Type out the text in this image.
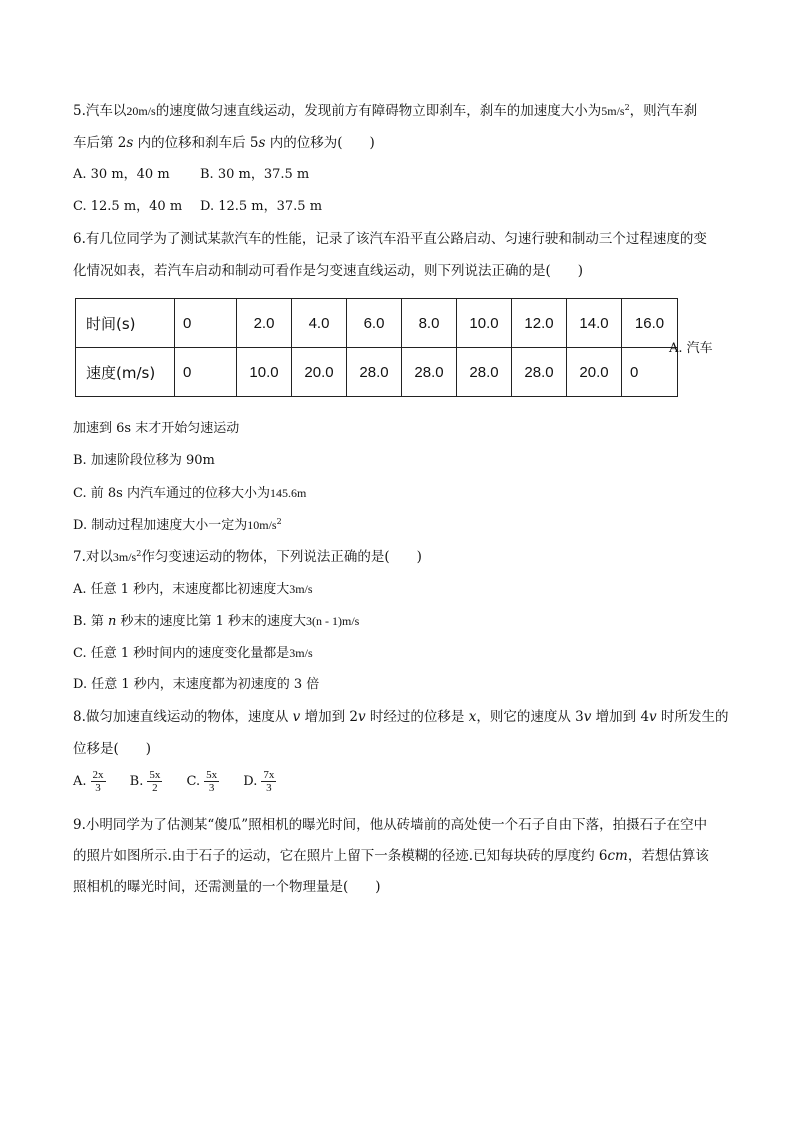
5.汽车以20m/s的速度做匀速直线运动，发现前方有障碍物立即刹车，刹车的加速度大小为$5m/s^2$，则汽车刹
车后第 2s 内的位移和刹车后 5s 内的位移为(　　)
A. 30 m，40 m B. 30 m，37.5 m
C. 12.5 m，40 m D. 12.5 m，37.5 m
6.有几位同学为了测试某款汽车的性能，记录了该汽车沿平直公路启动、匀速行驶和制动三个过程速度的变
化情况如表，若汽车启动和制动可看作是匀变速直线运动，则下列说法正确的是(　　)
时间(s)	0	2.0	4.0	6.0	8.0	10.0	12.0	14.0	16.0
速度(m/s)	0	10.0	20.0	28.0	28.0	28.0	28.0	20.0	0
A. 汽车
加速到 6s 末才开始匀速运动
B. 加速阶段位移为 90m
C. 前 8s 内汽车通过的位移大小为145.6m
D. 制动过程加速度大小一定为$10m/s^2$
7.对以$3m/s^2$作匀变速运动的物体，下列说法正确的是(　　)
A. 任意 1 秒内，末速度都比初速度大3m/s
B. 第 n 秒末的速度比第 1 秒末的速度大3(n - 1)m/s
C. 任意 1 秒时间内的速度变化量都是3m/s
D. 任意 1 秒内，末速度都为初速度的 3 倍
8.做匀加速直线运动的物体，速度从 v 增加到 2v 时经过的位移是 x，则它的速度从 3v 增加到 4v 时所发生的
位移是(　　)
A. $\frac{2x}{3} B$. $\frac{5x}{2} C$. $\frac{5x}{3} D$. $\frac{7x}{3}$
9.小明同学为了估测某“傻瓜”照相机的曝光时间，他从砖墙前的高处使一个石子自由下落，拍摄石子在空中
的照片如图所示.由于石子的运动，它在照片上留下一条模糊的径迹.已知每块砖的厚度约 6cm，若想估算该
照相机的曝光时间，还需测量的一个物理量是(　　)
